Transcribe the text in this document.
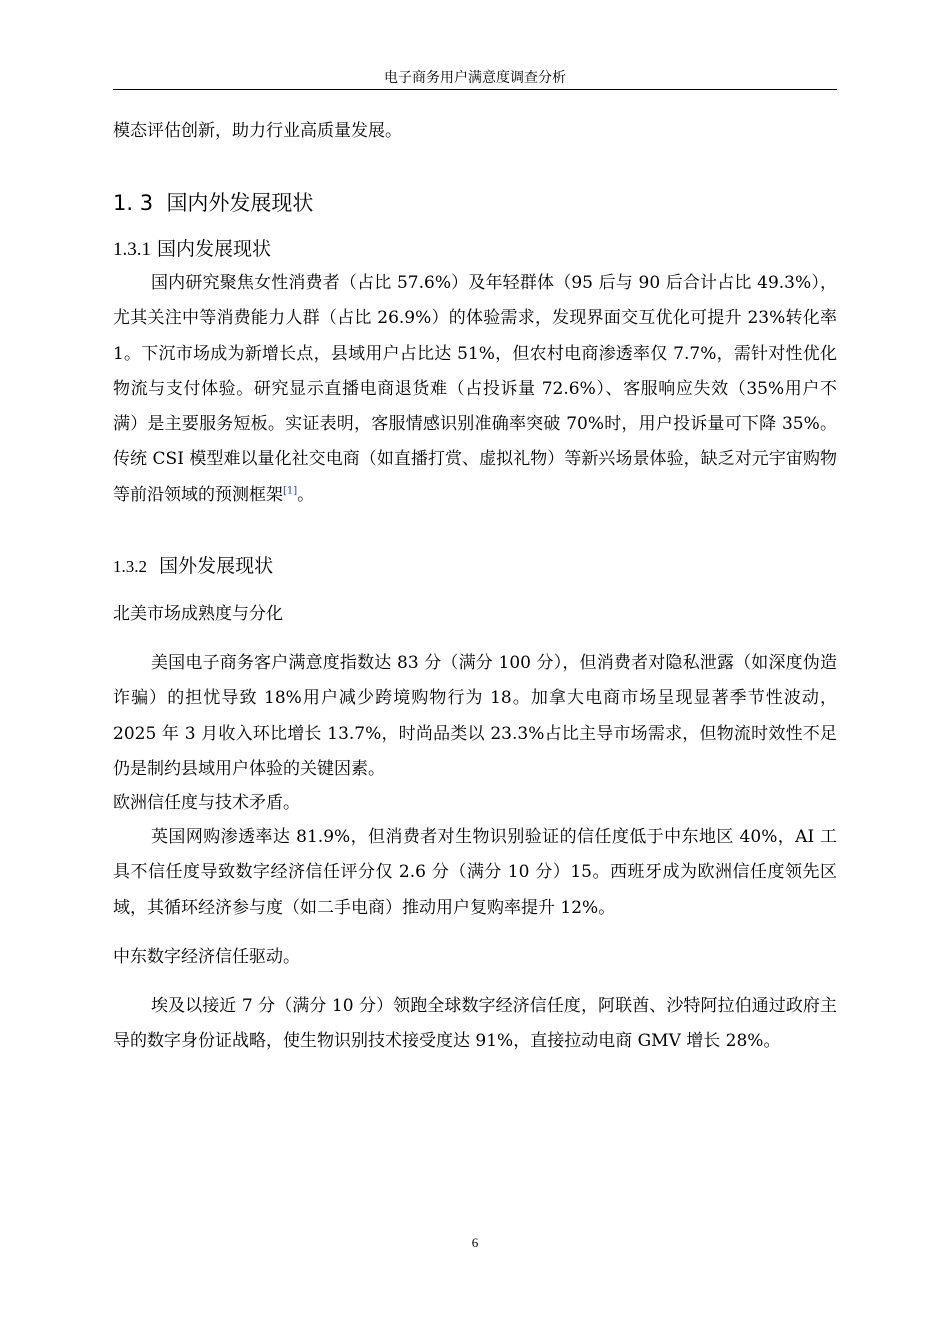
电子商务用户满意度调查分析
模态评估创新，助力行业高质量发展。
1. 3 国内外发展现状
1.3.1 国内发展现状
国内研究聚焦女性消费者（占比 57.6%）及年轻群体（95 后与 90 后合计占比 49.3%），尤其关注中等消费能力人群（占比 26.9%）的体验需求，发现界面交互优化可提升 23%转化率 1。下沉市场成为新增长点，县域用户占比达 51%，但农村电商渗透率仅 7.7%，需针对性优化物流与支付体验。研究显示直播电商退货难（占投诉量 72.6%）、客服响应失效（35%用户不满）是主要服务短板。实证表明，客服情感识别准确率突破 70%时，用户投诉量可下降 35%。传统 CSI 模型难以量化社交电商（如直播打赏、虚拟礼物）等新兴场景体验，缺乏对元宇宙购物等前沿领域的预测框架[1]。
1.3.2 国外发展现状
北美市场成熟度与分化
美国电子商务客户满意度指数达 83 分（满分 100 分），但消费者对隐私泄露（如深度伪造诈骗）的担忧导致 18%用户减少跨境购物行为 18。加拿大电商市场呈现显著季节性波动，2025 年 3 月收入环比增长 13.7%，时尚品类以 23.3%占比主导市场需求，但物流时效性不足仍是制约县域用户体验的关键因素。
欧洲信任度与技术矛盾。
英国网购渗透率达 81.9%，但消费者对生物识别验证的信任度低于中东地区 40%，AI 工具不信任度导致数字经济信任评分仅 2.6 分（满分 10 分）15。西班牙成为欧洲信任度领先区域，其循环经济参与度（如二手电商）推动用户复购率提升 12%。
中东数字经济信任驱动。
埃及以接近 7 分（满分 10 分）领跑全球数字经济信任度，阿联酋、沙特阿拉伯通过政府主导的数字身份证战略，使生物识别技术接受度达 91%，直接拉动电商 GMV 增长 28%。
6
